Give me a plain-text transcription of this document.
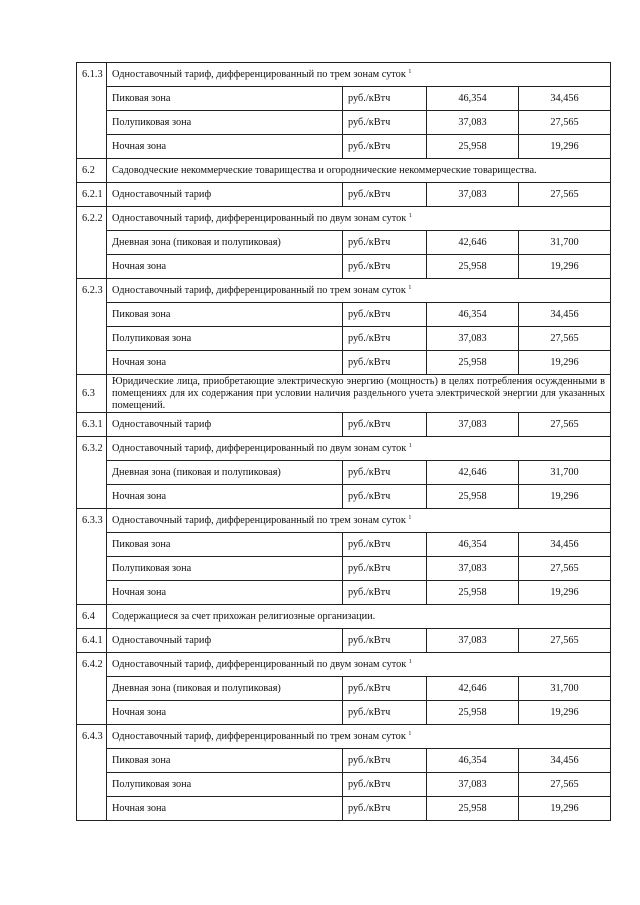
6.1.3	Одноставочный тариф, дифференцированный по трем зонам суток $^1$
	Пиковая зона	руб./кВтч	46,354	34,456
	Полупиковая зона	руб./кВтч	37,083	27,565
	Ночная зона	руб./кВтч	25,958	19,296
6.2	Садоводческие некоммерческие товарищества и огороднические некоммерческие товарищества.			
6.2.1	Одноставочный тариф	руб./кВтч	37,083	27,565
6.2.2	Одноставочный тариф, дифференцированный по двум зонам суток $^1$
	Дневная зона (пиковая и полупиковая)	руб./кВтч	42,646	31,700
	Ночная зона	руб./кВтч	25,958	19,296
6.2.3	Одноставочный тариф, дифференцированный по трем зонам суток $^1$
	Пиковая зона	руб./кВтч	46,354	34,456
	Полупиковая зона	руб./кВтч	37,083	27,565
	Ночная зона	руб./кВтч	25,958	19,296
6.3	Юридические лица, приобретающие электрическую энергию (мощность) в целях потребления осужденными в помещениях для их содержания при условии наличия раздельного учета электрической энергии для указанных помещений.			
6.3.1	Одноставочный тариф	руб./кВтч	37,083	27,565
6.3.2	Одноставочный тариф, дифференцированный по двум зонам суток $^1$
	Дневная зона (пиковая и полупиковая)	руб./кВтч	42,646	31,700
	Ночная зона	руб./кВтч	25,958	19,296
6.3.3	Одноставочный тариф, дифференцированный по трем зонам суток $^1$
	Пиковая зона	руб./кВтч	46,354	34,456
	Полупиковая зона	руб./кВтч	37,083	27,565
	Ночная зона	руб./кВтч	25,958	19,296
6.4	Содержащиеся за счет прихожан религиозные организации.			
6.4.1	Одноставочный тариф	руб./кВтч	37,083	27,565
6.4.2	Одноставочный тариф, дифференцированный по двум зонам суток $^1$
	Дневная зона (пиковая и полупиковая)	руб./кВтч	42,646	31,700
	Ночная зона	руб./кВтч	25,958	19,296
6.4.3	Одноставочный тариф, дифференцированный по трем зонам суток $^1$
	Пиковая зона	руб./кВтч	46,354	34,456
	Полупиковая зона	руб./кВтч	37,083	27,565
	Ночная зона	руб./кВтч	25,958	19,296
